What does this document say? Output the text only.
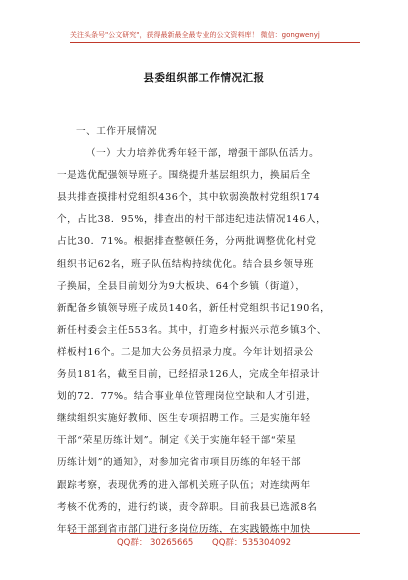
关注头条号"公文研究"，获得最新最全最专业的公文资料库！ 微信：gongwenyj
县委组织部工作情况汇报
一、工作开展情况
（一）大力培养优秀年轻干部，增强干部队伍活力。
一是选优配强领导班子。围绕提升基层组织力，换届后全
县共排查摸排村党组织436个，其中软弱涣散村党组织174
个，占比38．95%，排查出的村干部违纪违法情况146人，
占比30．71%。根据排查整顿任务，分两批调整优化村党
组织书记62名，班子队伍结构持续优化。结合县乡领导班
子换届，全县目前划分为9大板块、64个乡镇（街道），
新配备乡镇领导班子成员140名，新任村党组织书记190名，
新任村委会主任553名。其中，打造乡村振兴示范乡镇3个、
样板村16个。二是加大公务员招录力度。今年计划招录公
务员181名，截至目前，已经招录126人，完成全年招录计
划的72．77%。结合事业单位管理岗位空缺和人才引进，
继续组织实施好教师、医生专项招聘工作。三是实施年轻
干部“荣星历练计划”。制定《关于实施年轻干部“荣星
历练计划”的通知》，对参加完省市项目历练的年轻干部
跟踪考察，表现优秀的进入部机关班子队伍；对连续两年
考核不优秀的，进行约谈，责令辞职。目前我县已选派8名
年轻干部到省市部门进行多岗位历练，在实践锻炼中加快
QQ群： 30265665 QQ群：535304092
